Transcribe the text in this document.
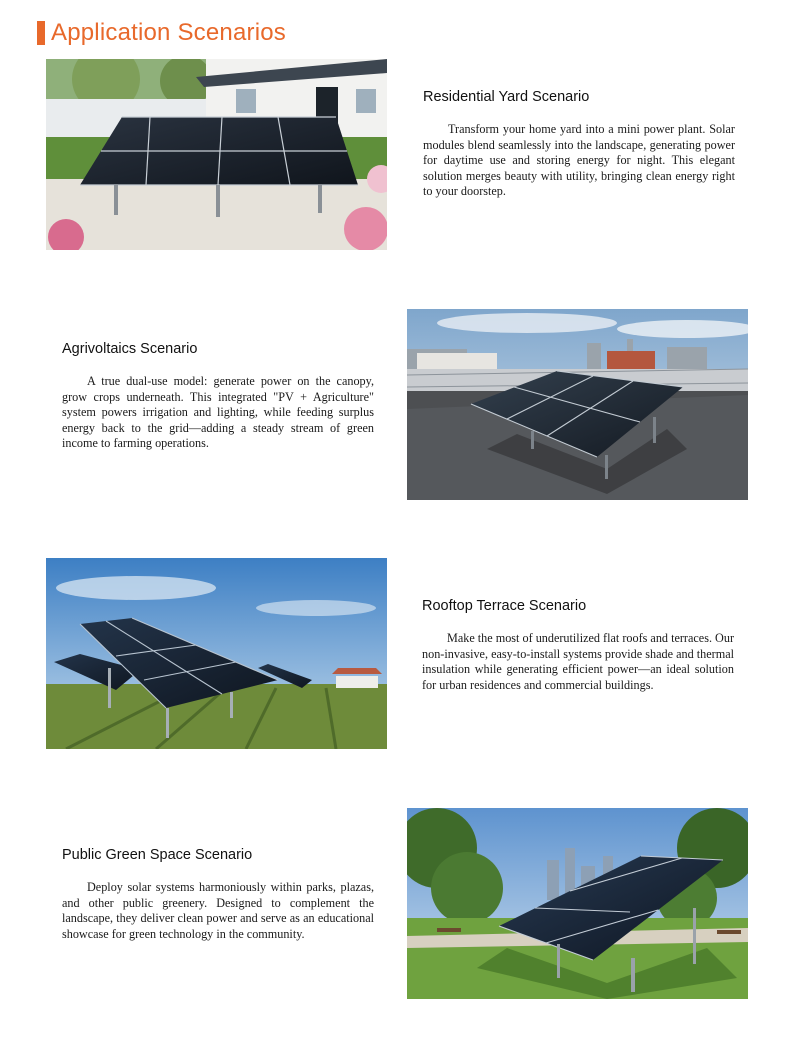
Application Scenarios
Residential Yard Scenario

Transform your home yard into a mini power plant. Solar modules blend seamlessly into the landscape, generating power for daytime use and storing energy for night. This elegant solution merges beauty with utility, bringing clean energy right to your doorstep.

Agrivoltaics Scenario

A true dual-use model: generate power on the canopy, grow crops underneath. This integrated "PV + Agriculture" system powers irrigation and lighting, while feeding surplus energy back to the grid—adding a steady stream of green income to farming operations.

Rooftop Terrace Scenario

Make the most of underutilized flat roofs and terraces. Our non-invasive, easy-to-install systems provide shade and thermal insulation while generating efficient power—an ideal solution for urban residences and commercial buildings.

Public Green Space Scenario

Deploy solar systems harmoniously within parks, plazas, and other public greenery. Designed to complement the landscape, they deliver clean power and serve as an educational showcase for green technology in the community.
